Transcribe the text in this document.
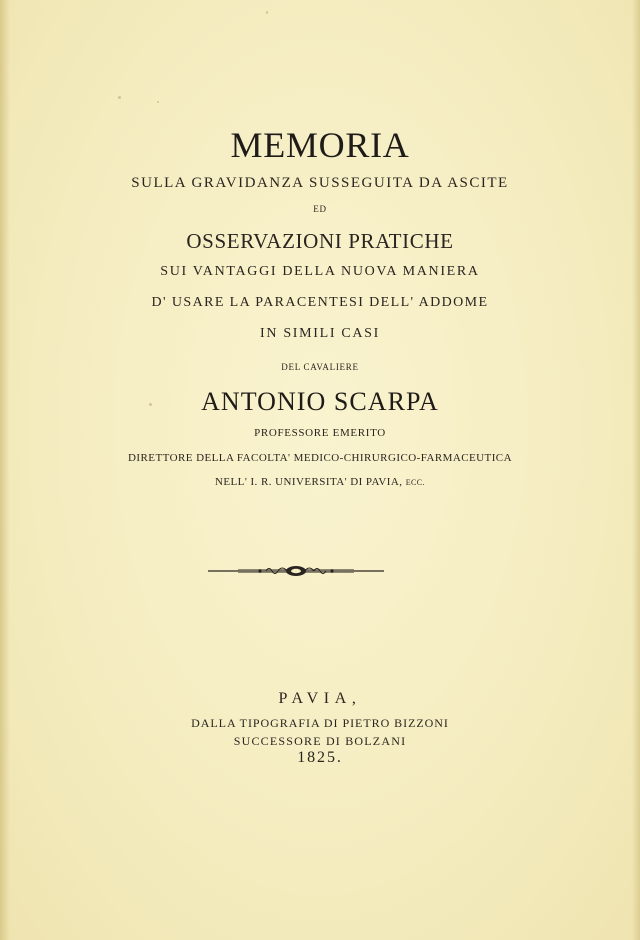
MEMORIA
SULLA GRAVIDANZA SUSSEGUITA DA ASCITE
ED
OSSERVAZIONI PRATICHE
SUI VANTAGGI DELLA NUOVA MANIERA
D' USARE LA PARACENTESI DELL' ADDOME
IN SIMILI CASI
DEL CAVALIERE
ANTONIO SCARPA
PROFESSORE EMERITO
DIRETTORE DELLA FACOLTA' MEDICO-CHIRURGICO-FARMACEUTICA
NELL' I. R. UNIVERSITA' DI PAVIA, ECC.
PAVIA,
DALLA TIPOGRAFIA DI PIETRO BIZZONI
SUCCESSORE DI BOLZANI
1825.
